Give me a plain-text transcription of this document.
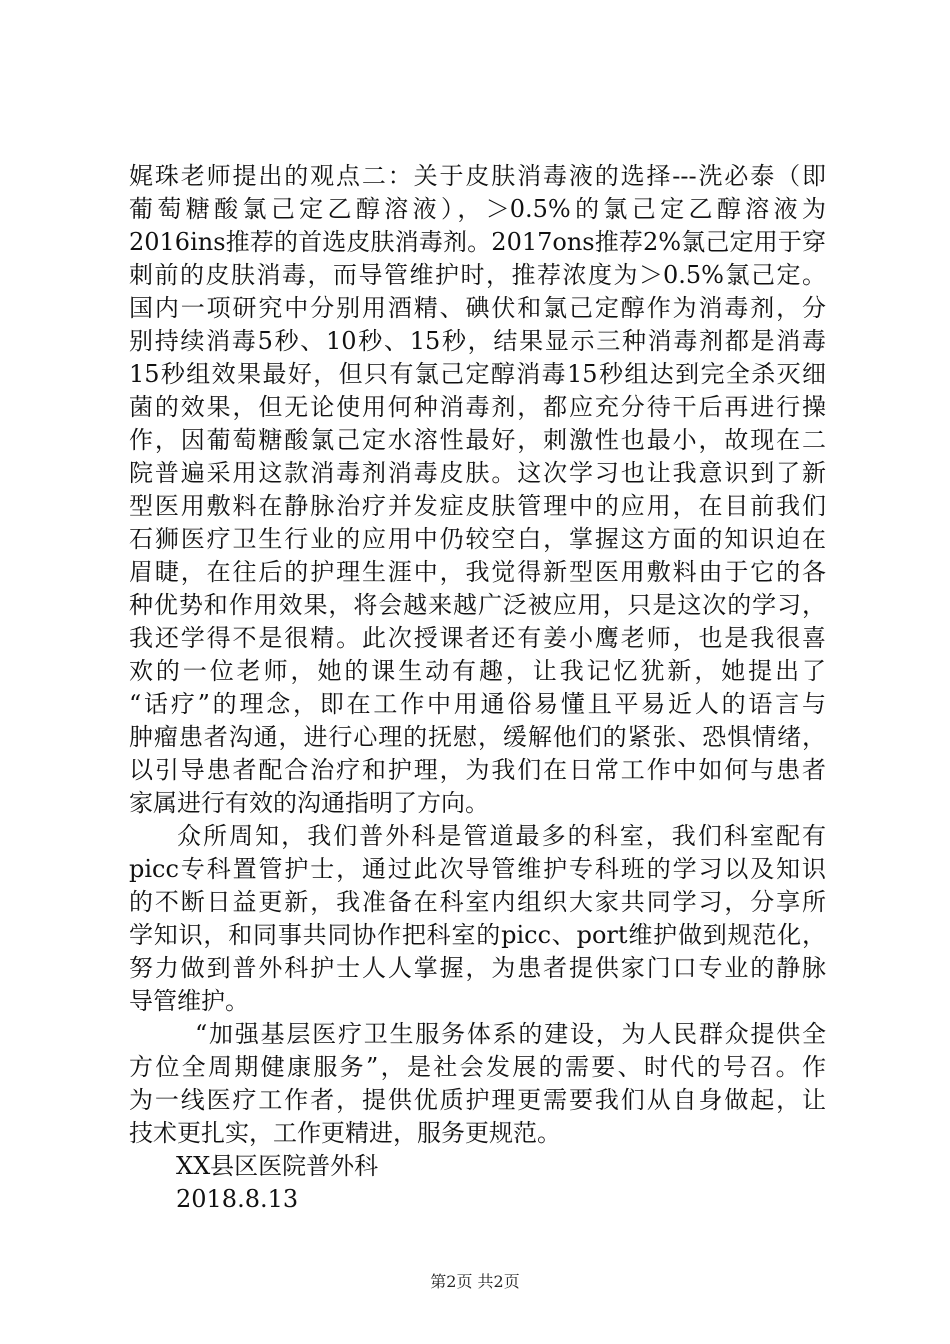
娓珠老师提出的观点二：关于皮肤消毒液的选择---洗必泰（即
葡萄糖酸氯己定乙醇溶液），＞0.5%的氯己定乙醇溶液为
2016ins推荐的首选皮肤消毒剂。2017ons推荐2%氯己定用于穿
刺前的皮肤消毒，而导管维护时，推荐浓度为＞0.5%氯己定。
国内一项研究中分别用酒精、碘伏和氯己定醇作为消毒剂，分
别持续消毒5秒、10秒、15秒，结果显示三种消毒剂都是消毒
15秒组效果最好，但只有氯己定醇消毒15秒组达到完全杀灭细
菌的效果，但无论使用何种消毒剂，都应充分待干后再进行操
作，因葡萄糖酸氯己定水溶性最好，刺激性也最小，故现在二
院普遍采用这款消毒剂消毒皮肤。这次学习也让我意识到了新
型医用敷料在静脉治疗并发症皮肤管理中的应用，在目前我们
石狮医疗卫生行业的应用中仍较空白，掌握这方面的知识迫在
眉睫，在往后的护理生涯中，我觉得新型医用敷料由于它的各
种优势和作用效果，将会越来越广泛被应用，只是这次的学习，
我还学得不是很精。此次授课者还有姜小鹰老师，也是我很喜
欢的一位老师，她的课生动有趣，让我记忆犹新，她提出了
“话疗”的理念，即在工作中用通俗易懂且平易近人的语言与
肿瘤患者沟通，进行心理的抚慰，缓解他们的紧张、恐惧情绪，
以引导患者配合治疗和护理，为我们在日常工作中如何与患者
家属进行有效的沟通指明了方向。
众所周知，我们普外科是管道最多的科室，我们科室配有
picc专科置管护士，通过此次导管维护专科班的学习以及知识
的不断日益更新，我准备在科室内组织大家共同学习，分享所
学知识，和同事共同协作把科室的picc、port维护做到规范化，
努力做到普外科护士人人掌握，为患者提供家门口专业的静脉
导管维护。
“加强基层医疗卫生服务体系的建设，为人民群众提供全
方位全周期健康服务”，是社会发展的需要、时代的号召。作
为一线医疗工作者，提供优质护理更需要我们从自身做起，让
技术更扎实，工作更精进，服务更规范。
XX县区医院普外科
2018.8.13
第2页 共2页
